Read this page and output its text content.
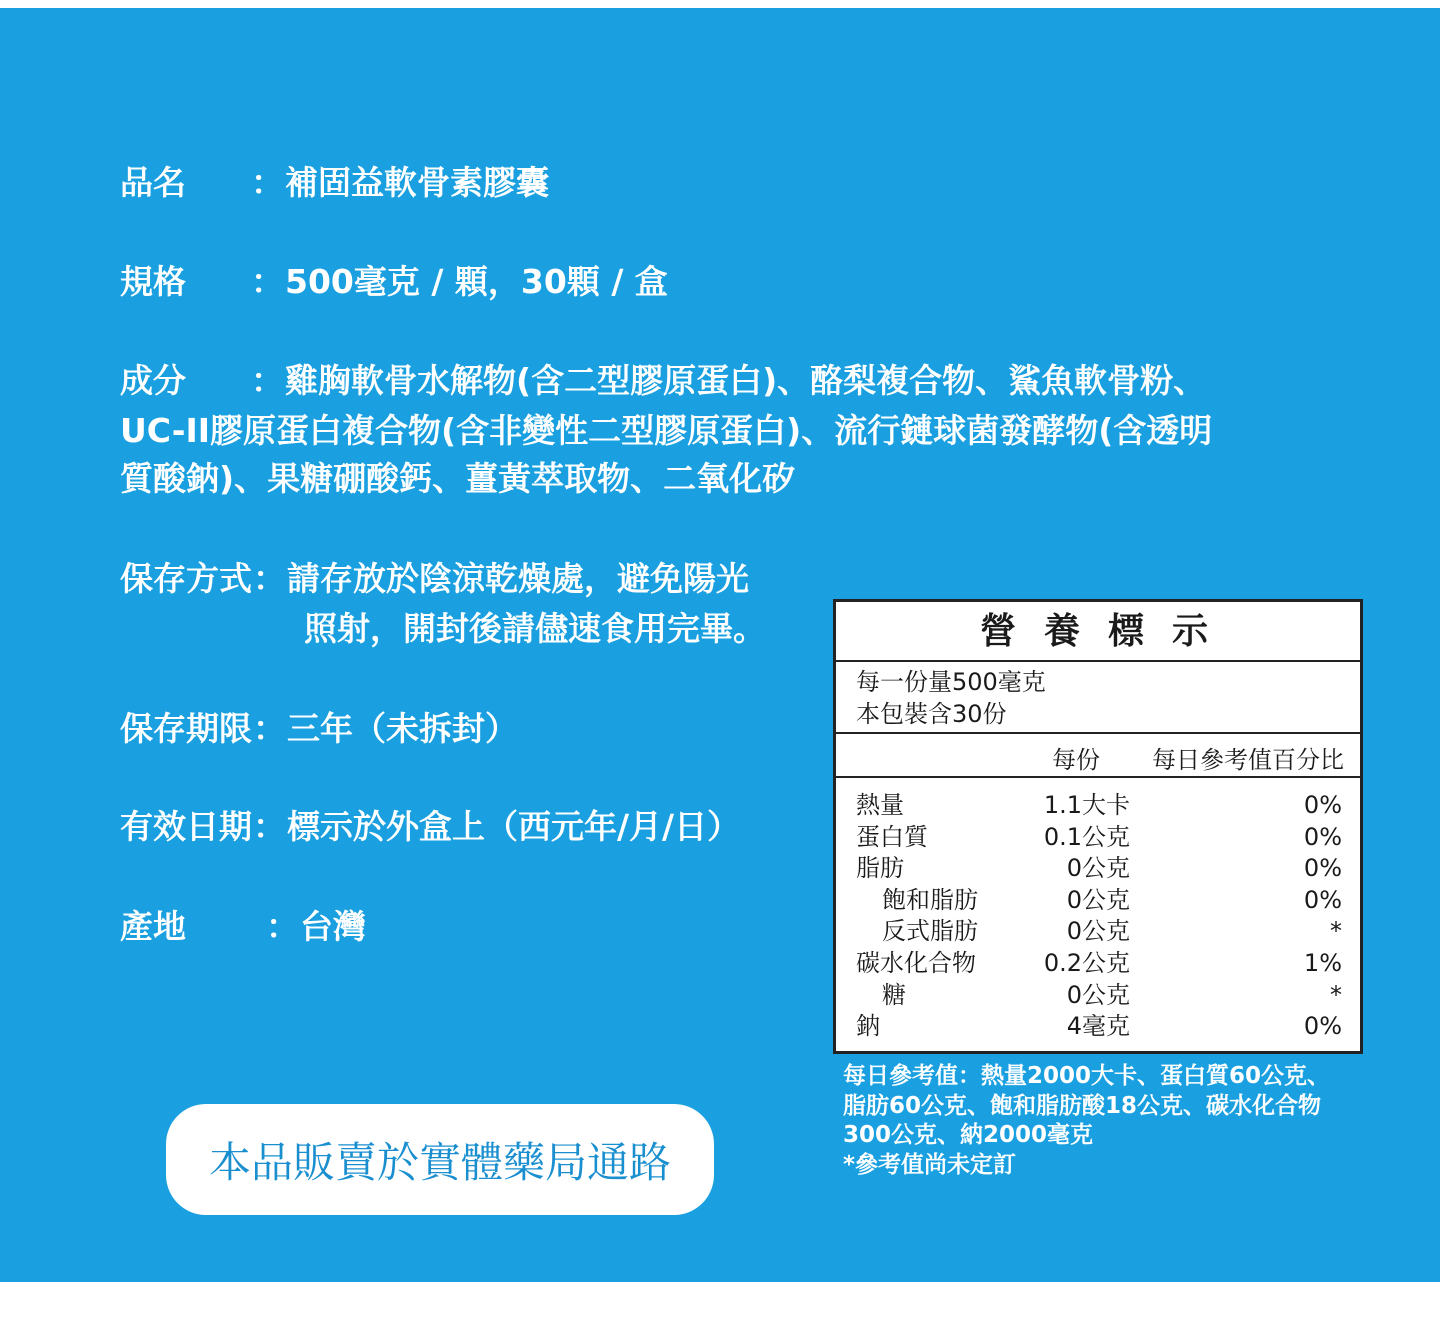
品名 ：補固益軟骨素膠囊
規格 ：500毫克 / 顆，30顆 / 盒
成分 ：雞胸軟骨水解物(含二型膠原蛋白)、酪梨複合物、鯊魚軟骨粉、
UC-II膠原蛋白複合物(含非變性二型膠原蛋白)、流行鏈球菌發酵物(含透明
質酸鈉)、果糖硼酸鈣、薑黃萃取物、二氧化矽
保存方式：請存放於陰涼乾燥處，避免陽光
照射，開封後請儘速食用完畢。
保存期限：三年（未拆封）
有效日期：標示於外盒上（西元年/月/日）
產地 ：台灣
營養標示
每一份量500毫克
本包裝含30份
每份 每日參考值百分比
熱量	1.1大卡	0%
蛋白質	0.1公克	0%
脂肪	0公克	0%
飽和脂肪	0公克	0%
反式脂肪	0公克	*
碳水化合物	0.2公克	1%
糖	0公克	*
鈉	4毫克	0%
每日參考值：熱量2000大卡、蛋白質60公克、
脂肪60公克、飽和脂肪酸18公克、碳水化合物
300公克、納2000毫克
*參考值尚未定訂
本品販賣於實體藥局通路
